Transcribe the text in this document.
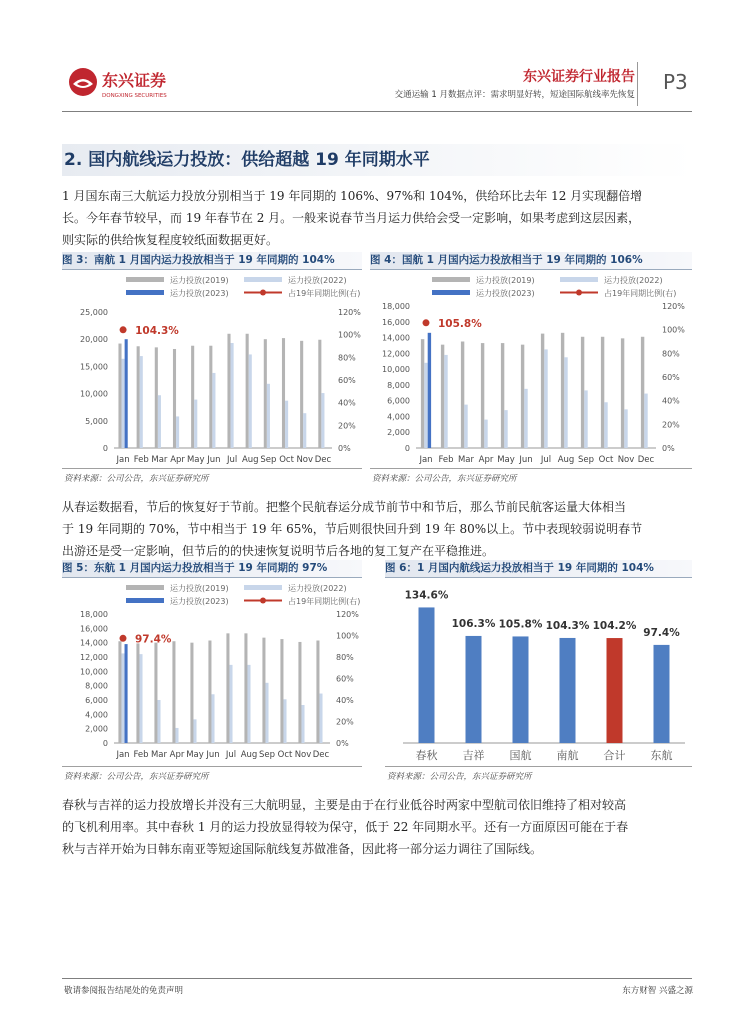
东兴证券
DONGXING SECURITIES
东兴证券行业报告
交通运输 1 月数据点评：需求明显好转，短途国际航线率先恢复
P3
2. 国内航线运力投放：供给超越 19 年同期水平
1 月国东南三大航运力投放分别相当于 19 年同期的 106%、97%和 104%，供给环比去年 12 月实现翻倍增
长。今年春节较早，而 19 年春节在 2 月。一般来说春节当月运力供给会受一定影响，如果考虑到这层因素，
则实际的供给恢复程度较纸面数据更好。
图 3：南航 1 月国内运力投放相当于 19 年同期的 104%
运力投放(2019)	运力投放(2022)
运力投放(2023)	占19年同期比例(右)
25,000
20,000
15,000
10,000
5,000
0
120%
100%
80%
60%
40%
20%
0%
Jan Feb Mar Apr May Jun Jul Aug Sep Oct Nov Dec
104.3%
资料来源：公司公告，东兴证券研究所
图 4：国航 1 月国内运力投放相当于 19 年同期的 106%
运力投放(2019)	运力投放(2022)
运力投放(2023)	占19年同期比例(右)
18,000
16,000
14,000
12,000
10,000
8,000
6,000
4,000
2,000
0
120%
100%
80%
60%
40%
20%
0%
Jan Feb Mar Apr May Jun Jul Aug Sep Oct Nov Dec
105.8%
资料来源：公司公告，东兴证券研究所
从春运数据看，节后的恢复好于节前。把整个民航春运分成节前节中和节后，那么节前民航客运量大体相当
于 19 年同期的 70%，节中相当于 19 年 65%，节后则很快回升到 19 年 80%以上。节中表现较弱说明春节
出游还是受一定影响，但节后的的快速恢复说明节后各地的复工复产在平稳推进。
图 5：东航 1 月国内运力投放相当于 19 年同期的 97%
运力投放(2019)	运力投放(2022)
运力投放(2023)	占19年同期比例(右)
18,000
16,000
14,000
12,000
10,000
8,000
6,000
4,000
2,000
0
120%
100%
80%
60%
40%
20%
0%
Jan Feb Mar Apr May Jun Jul Aug Sep Oct Nov Dec
97.4%
资料来源：公司公告，东兴证券研究所
图 6：1 月国内航线运力投放相当于 19 年同期的 104%
134.6%
春秋
106.3%
吉祥
105.8%
国航
104.3%
南航
104.2%
合计
97.4%
东航
资料来源：公司公告，东兴证券研究所
春秋与吉祥的运力投放增长并没有三大航明显，主要是由于在行业低谷时两家中型航司依旧维持了相对较高
的飞机利用率。其中春秋 1 月的运力投放显得较为保守，低于 22 年同期水平。还有一方面原因可能在于春
秋与吉祥开始为日韩东南亚等短途国际航线复苏做准备，因此将一部分运力调往了国际线。
敬请参阅报告结尾处的免责声明	东方财智 兴盛之源
